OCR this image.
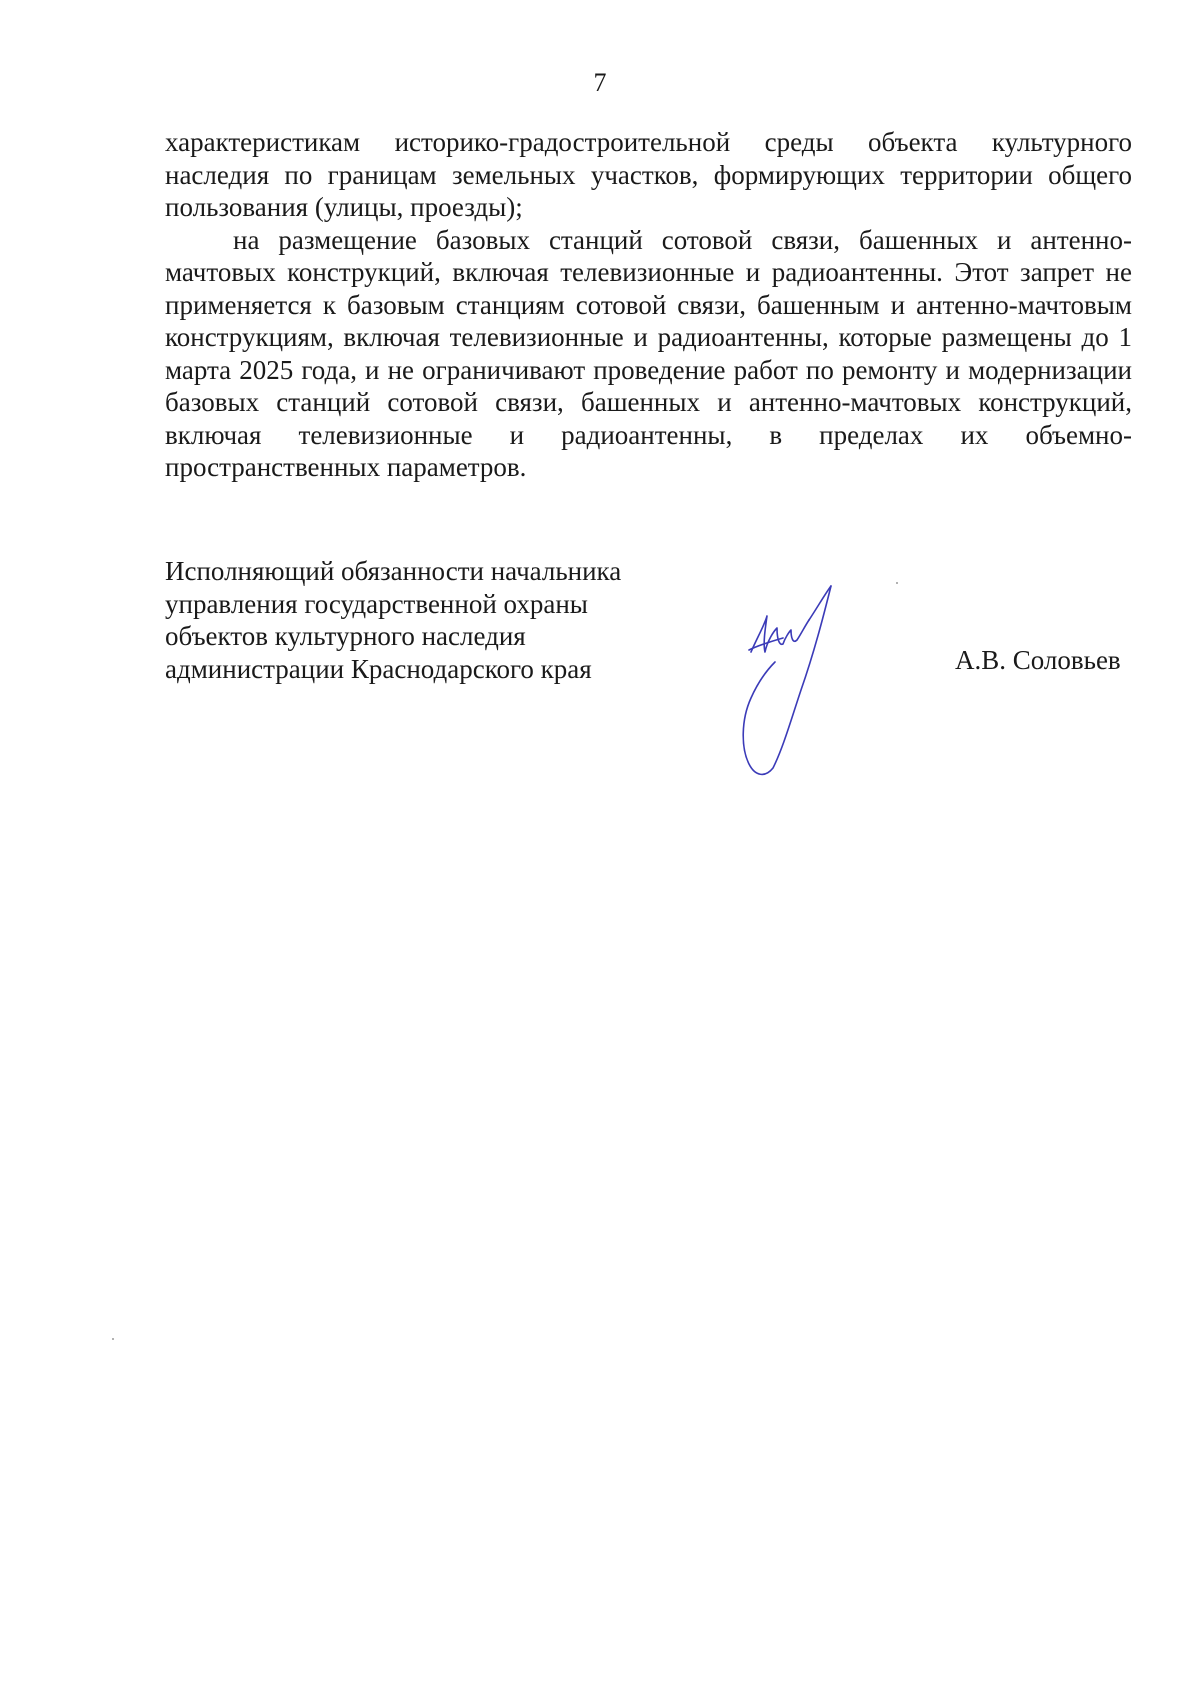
7

характеристикам историко-градостроительной среды объекта культурного наследия по границам земельных участков, формирующих территории общего пользования (улицы, проезды);

на размещение базовых станций сотовой связи, башенных и антенно-мачтовых конструкций, включая телевизионные и радиоантенны. Этот запрет не применяется к базовым станциям сотовой связи, башенным и антенно-мачтовым конструкциям, включая телевизионные и радиоантенны, которые размещены до 1 марта 2025 года, и не ограничивают проведение работ по ремонту и модернизации базовых станций сотовой связи, башенных и антенно-мачтовых конструкций, включая телевизионные и радиоантенны, в пределах их объемно-пространственных параметров.

Исполняющий обязанности начальника
управления государственной охраны
объектов культурного наследия
администрации Краснодарского края	А.В. Соловьев
